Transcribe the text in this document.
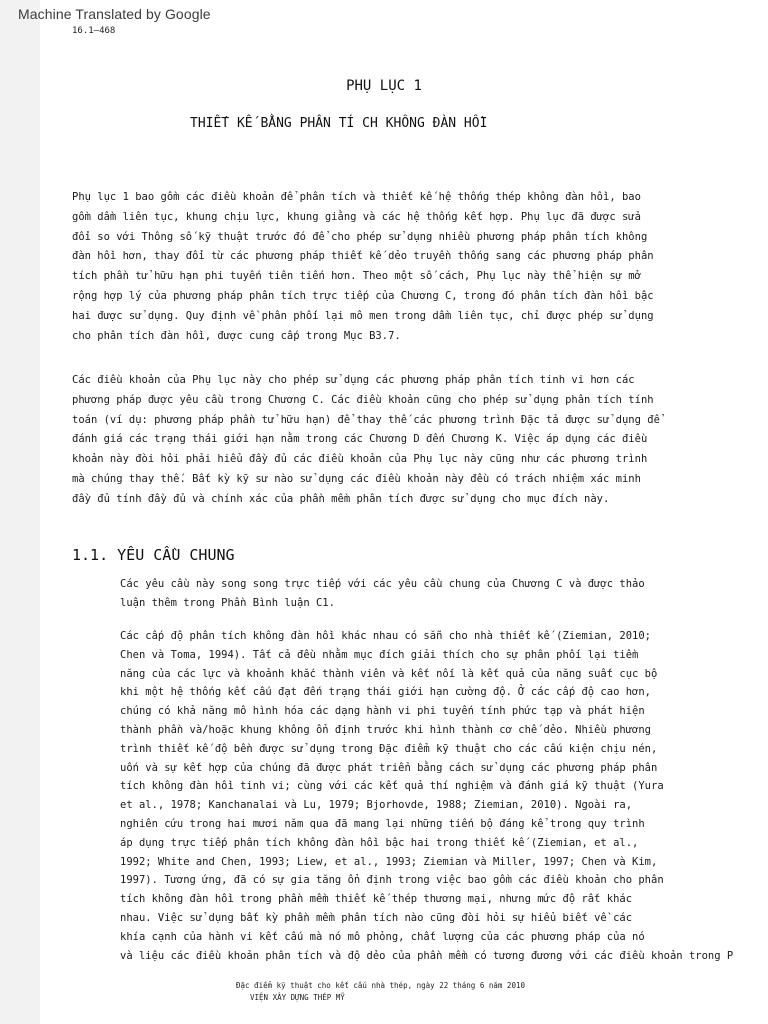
Machine Translated by Google
16.1–468
PHỤ LỤC 1
THIẾT KẾ BẰNG PHÂN TÍ CH KHÔNG ĐÀN HỒI
Phụ lục 1 bao gồm các điều khoản để phân tích và thiết kế hệ thống thép không đàn hồi, bao
gồm dầm liên tục, khung chịu lực, khung giằng và các hệ thống kết hợp. Phụ lục đã được sửa
đổi so với Thông số kỹ thuật trước đó để cho phép sử dụng nhiều phương pháp phân tích không
đàn hồi hơn, thay đổi từ các phương pháp thiết kế dẻo truyền thống sang các phương pháp phân
tích phần tử hữu hạn phi tuyến tiên tiến hơn. Theo một số cách, Phụ lục này thể hiện sự mở
rộng hợp lý của phương pháp phân tích trực tiếp của Chương C, trong đó phân tích đàn hồi bậc
hai được sử dụng. Quy định về phân phối lại mô men trong dầm liên tục, chỉ được phép sử dụng
cho phân tích đàn hồi, được cung cấp trong Mục B3.7.
Các điều khoản của Phụ lục này cho phép sử dụng các phương pháp phân tích tinh vi hơn các
phương pháp được yêu cầu trong Chương C. Các điều khoản cũng cho phép sử dụng phân tích tính
toán (ví dụ: phương pháp phần tử hữu hạn) để thay thế các phương trình Đặc tả được sử dụng để
đánh giá các trạng thái giới hạn nằm trong các Chương D đến Chương K. Việc áp dụng các điều
khoản này đòi hỏi phải hiểu đầy đủ các điều khoản của Phụ lục này cũng như các phương trình
mà chúng thay thế. Bất kỳ kỹ sư nào sử dụng các điều khoản này đều có trách nhiệm xác minh
đầy đủ tính đầy đủ và chính xác của phần mềm phân tích được sử dụng cho mục đích này.
1.1. YÊU CẦU CHUNG
Các yêu cầu này song song trực tiếp với các yêu cầu chung của Chương C và được thảo
luận thêm trong Phần Bình luận C1.
Các cấp độ phân tích không đàn hồi khác nhau có sẵn cho nhà thiết kế (Ziemian, 2010;
Chen và Toma, 1994). Tất cả đều nhằm mục đích giải thích cho sự phân phối lại tiềm
năng của các lực và khoảnh khắc thành viên và kết nối là kết quả của năng suất cục bộ
khi một hệ thống kết cấu đạt đến trạng thái giới hạn cường độ. Ở các cấp độ cao hơn,
chúng có khả năng mô hình hóa các dạng hành vi phi tuyến tính phức tạp và phát hiện
thành phần và/hoặc khung không ổn định trước khi hình thành cơ chế dẻo. Nhiều phương
trình thiết kế độ bền được sử dụng trong Đặc điểm kỹ thuật cho các cấu kiện chịu nén,
uốn và sự kết hợp của chúng đã được phát triển bằng cách sử dụng các phương pháp phân
tích không đàn hồi tinh vi; cùng với các kết quả thí nghiệm và đánh giá kỹ thuật (Yura
et al., 1978; Kanchanalai và Lu, 1979; Bjorhovde, 1988; Ziemian, 2010). Ngoài ra,
nghiên cứu trong hai mươi năm qua đã mang lại những tiến bộ đáng kể trong quy trình
áp dụng trực tiếp phân tích không đàn hồi bậc hai trong thiết kế (Ziemian, et al.,
1992; White and Chen, 1993; Liew, et al., 1993; Ziemian và Miller, 1997; Chen và Kim,
1997). Tương ứng, đã có sự gia tăng ổn định trong việc bao gồm các điều khoản cho phân
tích không đàn hồi trong phần mềm thiết kế thép thương mại, nhưng mức độ rất khác
nhau. Việc sử dụng bất kỳ phần mềm phân tích nào cũng đòi hỏi sự hiểu biết về các
khía cạnh của hành vi kết cấu mà nó mô phỏng, chất lượng của các phương pháp của nó
và liệu các điều khoản phân tích và độ dẻo của phần mềm có tương đương với các điều khoản trong P
Đặc điểm kỹ thuật cho kết cấu nhà thép, ngày 22 tháng 6 năm 2010
VIỆN XÂY DỰNG THÉP MỸ
